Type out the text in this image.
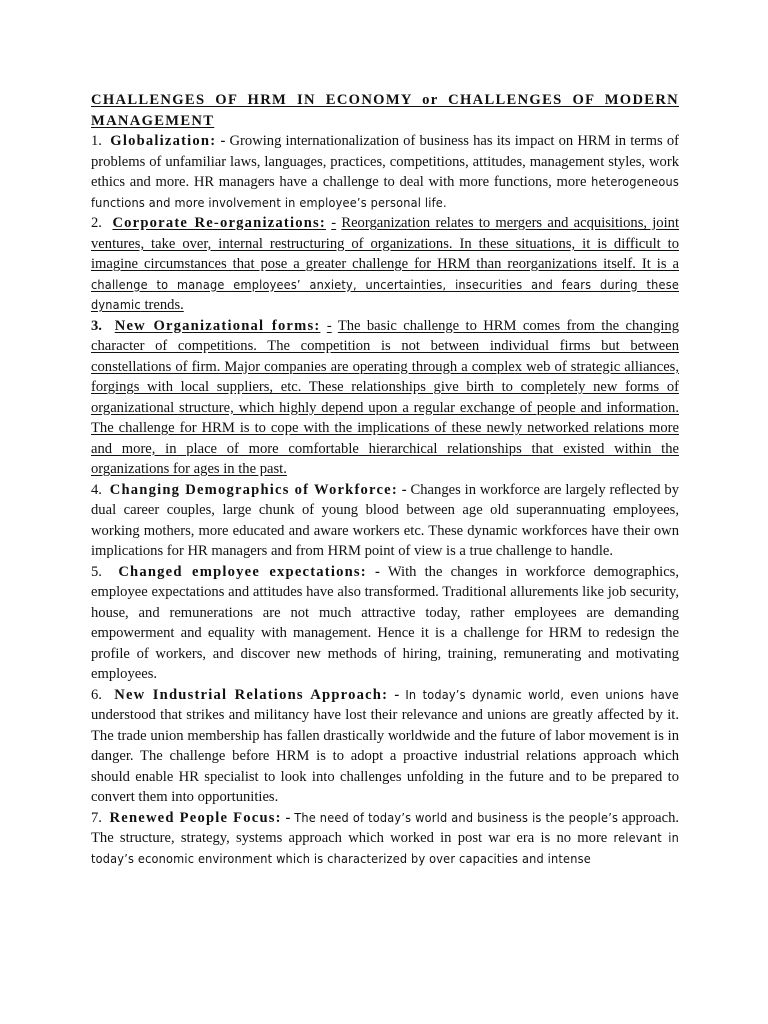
CHALLENGES OF HRM IN ECONOMY or CHALLENGES OF MODERN MANAGEMENT

1. Globalization: - Growing internationalization of business has its impact on HRM in terms of problems of unfamiliar laws, languages, practices, competitions, attitudes, management styles, work ethics and more. HR managers have a challenge to deal with more functions, more heterogeneous functions and more involvement in employee’s personal life.

2. Corporate Re-organizations: - Reorganization relates to mergers and acquisitions, joint ventures, take over, internal restructuring of organizations. In these situations, it is difficult to imagine circumstances that pose a greater challenge for HRM than reorganizations itself. It is a challenge to manage employees’ anxiety, uncertainties, insecurities and fears during these dynamic trends.

3. New Organizational forms: - The basic challenge to HRM comes from the changing character of competitions. The competition is not between individual firms but between constellations of firm. Major companies are operating through a complex web of strategic alliances, forgings with local suppliers, etc. These relationships give birth to completely new forms of organizational structure, which highly depend upon a regular exchange of people and information. The challenge for HRM is to cope with the implications of these newly networked relations more and more, in place of more comfortable hierarchical relationships that existed within the organizations for ages in the past.

4. Changing Demographics of Workforce: - Changes in workforce are largely reflected by dual career couples, large chunk of young blood between age old superannuating employees, working mothers, more educated and aware workers etc. These dynamic workforces have their own implications for HR managers and from HRM point of view is a true challenge to handle.

5. Changed employee expectations: - With the changes in workforce demographics, employee expectations and attitudes have also transformed. Traditional allurements like job security, house, and remunerations are not much attractive today, rather employees are demanding empowerment and equality with management. Hence it is a challenge for HRM to redesign the profile of workers, and discover new methods of hiring, training, remunerating and motivating employees.

6. New Industrial Relations Approach: - In today’s dynamic world, even unions have understood that strikes and militancy have lost their relevance and unions are greatly affected by it. The trade union membership has fallen drastically worldwide and the future of labor movement is in danger. The challenge before HRM is to adopt a proactive industrial relations approach which should enable HR specialist to look into challenges unfolding in the future and to be prepared to convert them into opportunities.

7. Renewed People Focus: - The need of today’s world and business is the people’s approach. The structure, strategy, systems approach which worked in post war era is no more relevant in today’s economic environment which is characterized by over capacities and intense
